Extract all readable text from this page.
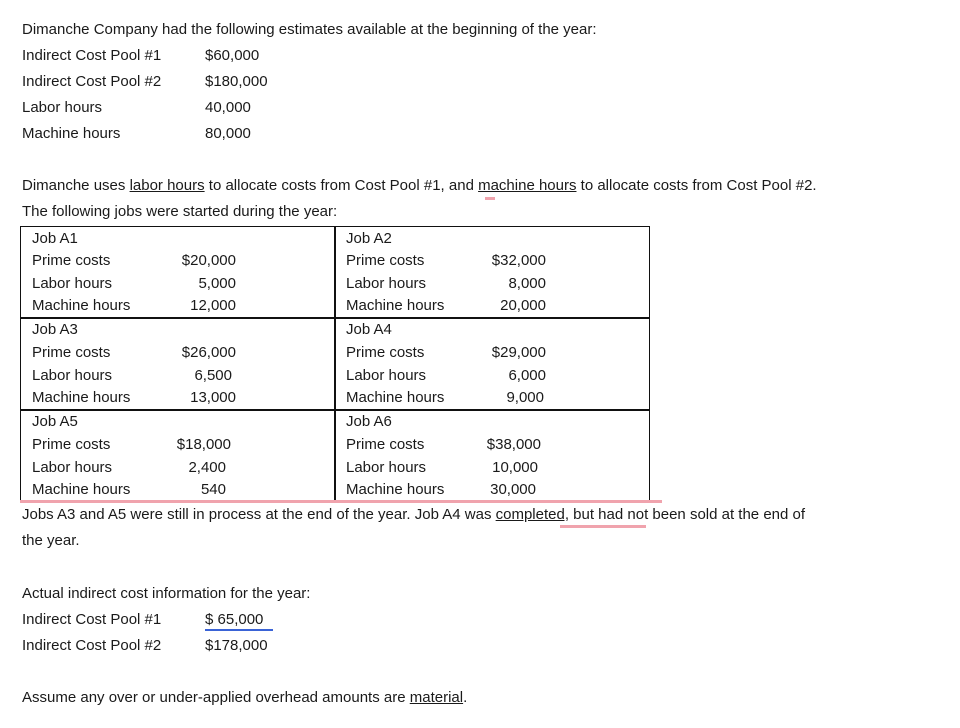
Dimanche Company had the following estimates available at the beginning of the year:
Indirect Cost Pool #1	$60,000
Indirect Cost Pool #2	$180,000
Labor hours	40,000
Machine hours	80,000
Dimanche uses labor hours to allocate costs from Cost Pool #1, and machine hours to allocate costs from Cost Pool #2.
The following jobs were started during the year:
Job A1
Prime costs	$20,000
Labor hours	5,000
Machine hours	12,000
Job A2
Prime costs	$32,000
Labor hours	8,000
Machine hours	20,000
Job A3
Prime costs	$26,000
Labor hours	6,500
Machine hours	13,000
Job A4
Prime costs	$29,000
Labor hours	6,000
Machine hours	9,000
Job A5
Prime costs	$18,000
Labor hours	2,400
Machine hours	540
Job A6
Prime costs	$38,000
Labor hours	10,000
Machine hours	30,000
Jobs A3 and A5 were still in process at the end of the year. Job A4 was completed, but had not been sold at the end of
the year.
Actual indirect cost information for the year:
Indirect Cost Pool #1	$ 65,000
Indirect Cost Pool #2	$178,000
Assume any over or under-applied overhead amounts are material.
